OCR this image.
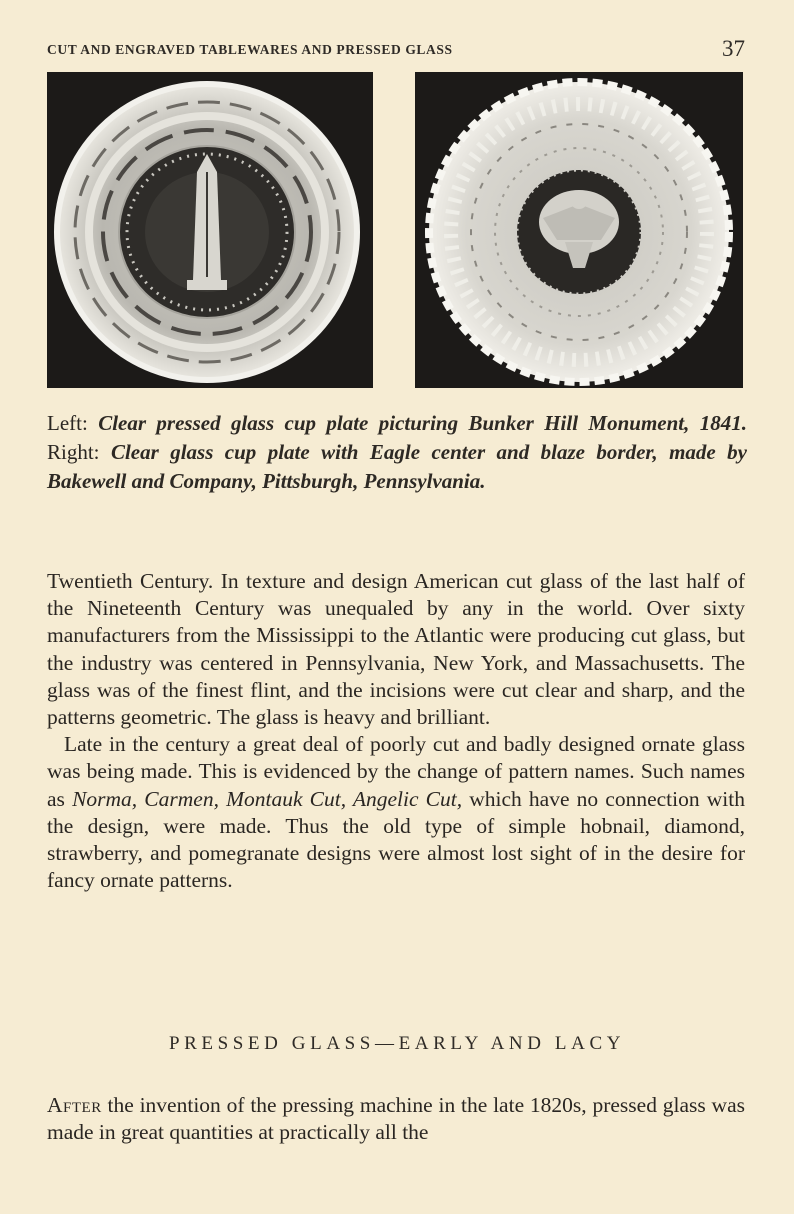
CUT AND ENGRAVED TABLEWARES AND PRESSED GLASS	37
Left: Clear pressed glass cup plate picturing Bunker Hill Monument, 1841. Right: Clear glass cup plate with Eagle center and blaze border, made by Bakewell and Company, Pittsburgh, Pennsylvania.

Twentieth Century. In texture and design American cut glass of the last half of the Nineteenth Century was unequaled by any in the world. Over sixty manufacturers from the Mississippi to the Atlantic were producing cut glass, but the industry was centered in Pennsylvania, New York, and Massachusetts. The glass was of the finest flint, and the incisions were cut clear and sharp, and the patterns geometric. The glass is heavy and brilliant.

Late in the century a great deal of poorly cut and badly designed ornate glass was being made. This is evidenced by the change of pattern names. Such names as Norma, Carmen, Montauk Cut, Angelic Cut, which have no connection with the design, were made. Thus the old type of simple hobnail, diamond, strawberry, and pomegranate designs were almost lost sight of in the desire for fancy ornate patterns.

PRESSED GLASS—EARLY AND LACY

After the invention of the pressing machine in the late 1820s, pressed glass was made in great quantities at practically all the
